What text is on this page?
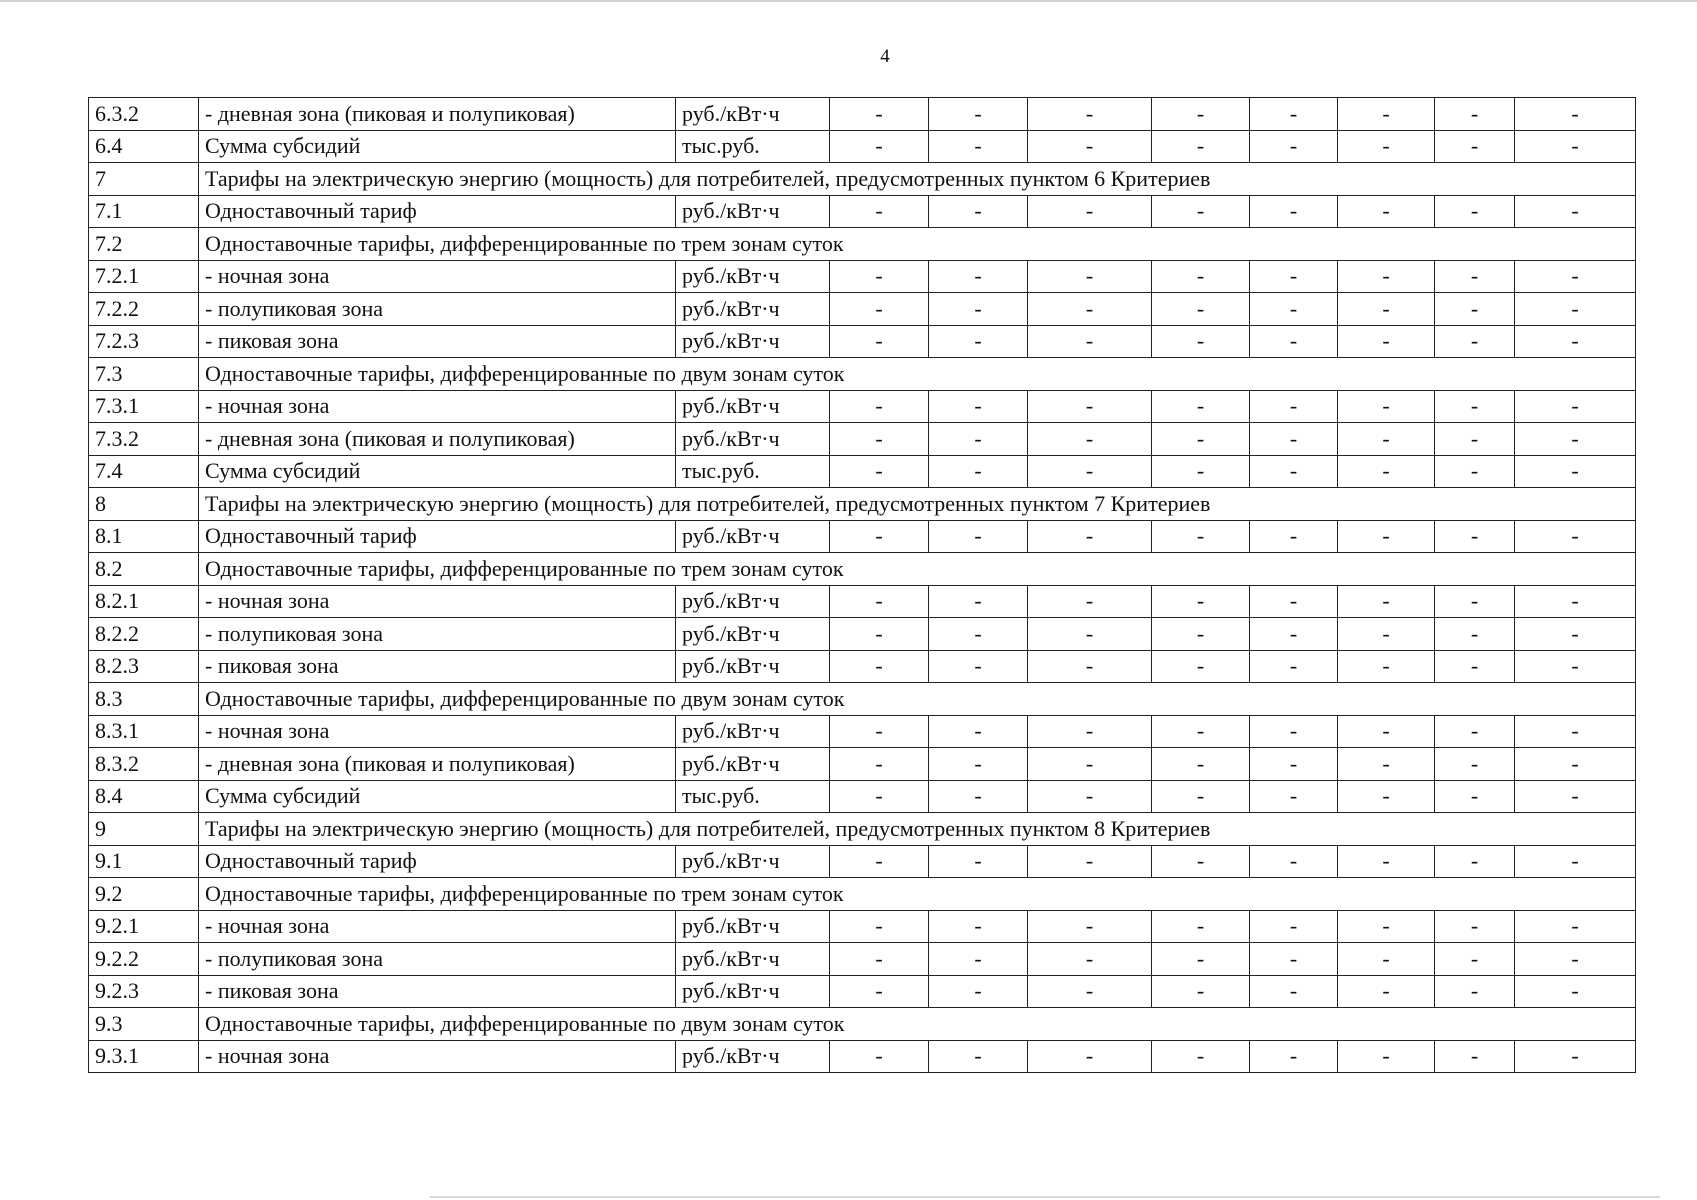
4
6.3.2	- дневная зона (пиковая и полупиковая)	руб./кВт·ч	-	-	-	-	-	-	-	-
6.4	Сумма субсидий	тыс.руб.	-	-	-	-	-	-	-	-
7	Тарифы на электрическую энергию (мощность) для потребителей, предусмотренных пунктом 6 Критериев									
7.1	Одноставочный тариф	руб./кВт·ч	-	-	-	-	-	-	-	-
7.2	Одноставочные тарифы, дифференцированные по трем зонам суток									
7.2.1	- ночная зона	руб./кВт·ч	-	-	-	-	-	-	-	-
7.2.2	- полупиковая зона	руб./кВт·ч	-	-	-	-	-	-	-	-
7.2.3	- пиковая зона	руб./кВт·ч	-	-	-	-	-	-	-	-
7.3	Одноставочные тарифы, дифференцированные по двум зонам суток									
7.3.1	- ночная зона	руб./кВт·ч	-	-	-	-	-	-	-	-
7.3.2	- дневная зона (пиковая и полупиковая)	руб./кВт·ч	-	-	-	-	-	-	-	-
7.4	Сумма субсидий	тыс.руб.	-	-	-	-	-	-	-	-
8	Тарифы на электрическую энергию (мощность) для потребителей, предусмотренных пунктом 7 Критериев									
8.1	Одноставочный тариф	руб./кВт·ч	-	-	-	-	-	-	-	-
8.2	Одноставочные тарифы, дифференцированные по трем зонам суток									
8.2.1	- ночная зона	руб./кВт·ч	-	-	-	-	-	-	-	-
8.2.2	- полупиковая зона	руб./кВт·ч	-	-	-	-	-	-	-	-
8.2.3	- пиковая зона	руб./кВт·ч	-	-	-	-	-	-	-	-
8.3	Одноставочные тарифы, дифференцированные по двум зонам суток									
8.3.1	- ночная зона	руб./кВт·ч	-	-	-	-	-	-	-	-
8.3.2	- дневная зона (пиковая и полупиковая)	руб./кВт·ч	-	-	-	-	-	-	-	-
8.4	Сумма субсидий	тыс.руб.	-	-	-	-	-	-	-	-
9	Тарифы на электрическую энергию (мощность) для потребителей, предусмотренных пунктом 8 Критериев									
9.1	Одноставочный тариф	руб./кВт·ч	-	-	-	-	-	-	-	-
9.2	Одноставочные тарифы, дифференцированные по трем зонам суток									
9.2.1	- ночная зона	руб./кВт·ч	-	-	-	-	-	-	-	-
9.2.2	- полупиковая зона	руб./кВт·ч	-	-	-	-	-	-	-	-
9.2.3	- пиковая зона	руб./кВт·ч	-	-	-	-	-	-	-	-
9.3	Одноставочные тарифы, дифференцированные по двум зонам суток									
9.3.1	- ночная зона	руб./кВт·ч	-	-	-	-	-	-	-	-
